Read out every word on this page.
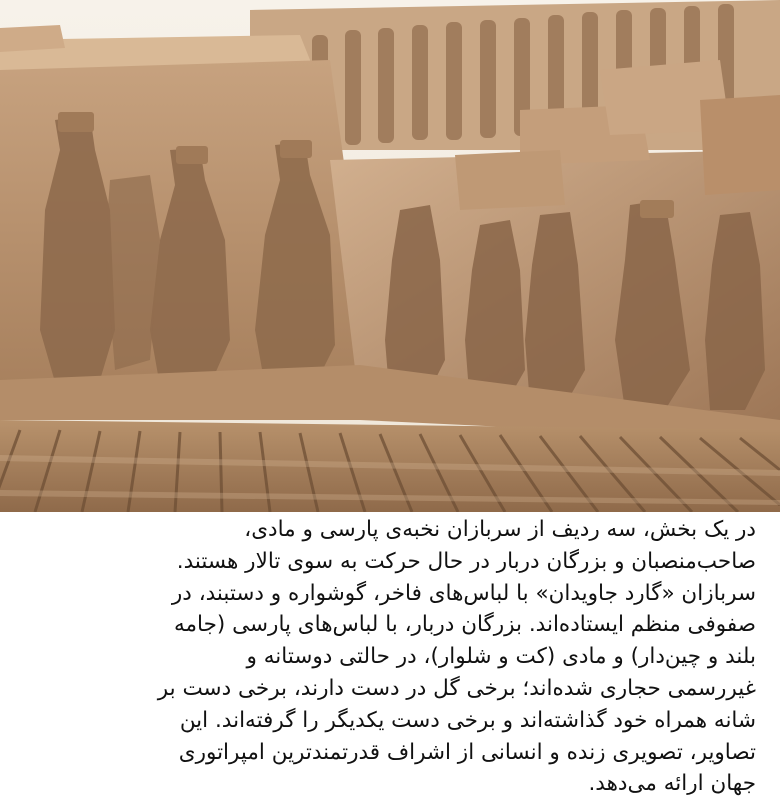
در یک بخش، سه ردیف از سربازان نخبه‌ی پارسی و مادی،
صاحب‌منصبان و بزرگان دربار در حال حرکت به سوی تالار هستند.
سربازان «گارد جاویدان» با لباس‌های فاخر، گوشواره و دستبند، در
صفوفی منظم ایستاده‌اند. بزرگان دربار، با لباس‌های پارسی (جامه
بلند و چین‌دار) و مادی (کت و شلوار)، در حالتی دوستانه و
غیررسمی حجاری شده‌اند؛ برخی گل در دست دارند، برخی دست بر
شانه همراه خود گذاشته‌اند و برخی دست یکدیگر را گرفته‌اند. این
تصاویر، تصویری زنده و انسانی از اشراف قدرتمندترین امپراتوری
جهان ارائه می‌دهد.
